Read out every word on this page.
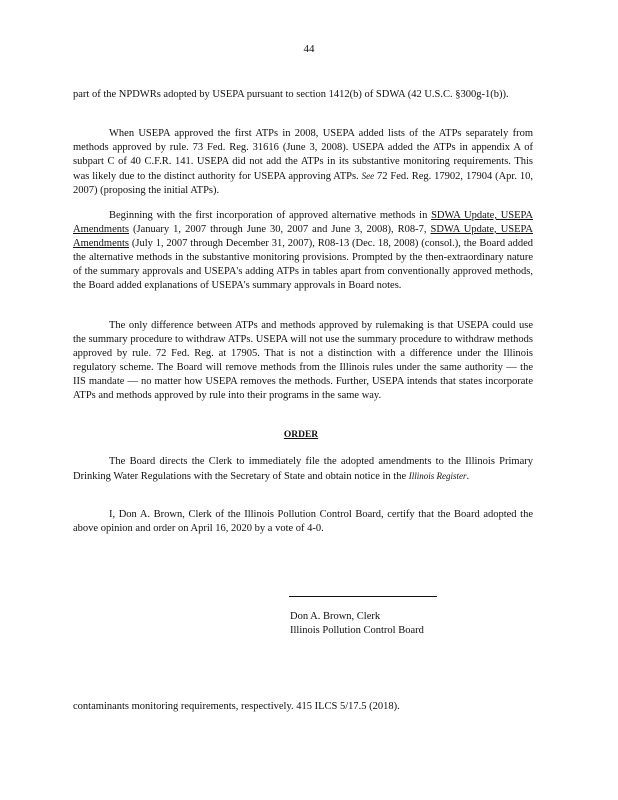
44

part of the NPDWRs adopted by USEPA pursuant to section 1412(b) of SDWA (42 U.S.C. §300g-1(b)).

When USEPA approved the first ATPs in 2008, USEPA added lists of the ATPs separately from methods approved by rule. 73 Fed. Reg. 31616 (June 3, 2008). USEPA added the ATPs in appendix A of subpart C of 40 C.F.R. 141. USEPA did not add the ATPs in its substantive monitoring requirements. This was likely due to the distinct authority for USEPA approving ATPs. See 72 Fed. Reg. 17902, 17904 (Apr. 10, 2007) (proposing the initial ATPs).

Beginning with the first incorporation of approved alternative methods in SDWA Update, USEPA Amendments (January 1, 2007 through June 30, 2007 and June 3, 2008), R08-7, SDWA Update, USEPA Amendments (July 1, 2007 through December 31, 2007), R08-13 (Dec. 18, 2008) (consol.), the Board added the alternative methods in the substantive monitoring provisions. Prompted by the then-extraordinary nature of the summary approvals and USEPA's adding ATPs in tables apart from conventionally approved methods, the Board added explanations of USEPA's summary approvals in Board notes.

The only difference between ATPs and methods approved by rulemaking is that USEPA could use the summary procedure to withdraw ATPs. USEPA will not use the summary procedure to withdraw methods approved by rule. 72 Fed. Reg. at 17905. That is not a distinction with a difference under the Illinois regulatory scheme. The Board will remove methods from the Illinois rules under the same authority — the IIS mandate — no matter how USEPA removes the methods. Further, USEPA intends that states incorporate ATPs and methods approved by rule into their programs in the same way.

ORDER

The Board directs the Clerk to immediately file the adopted amendments to the Illinois Primary Drinking Water Regulations with the Secretary of State and obtain notice in the Illinois Register.

I, Don A. Brown, Clerk of the Illinois Pollution Control Board, certify that the Board adopted the above opinion and order on April 16, 2020 by a vote of 4-0.

Don A. Brown, Clerk
Illinois Pollution Control Board

contaminants monitoring requirements, respectively. 415 ILCS 5/17.5 (2018).
